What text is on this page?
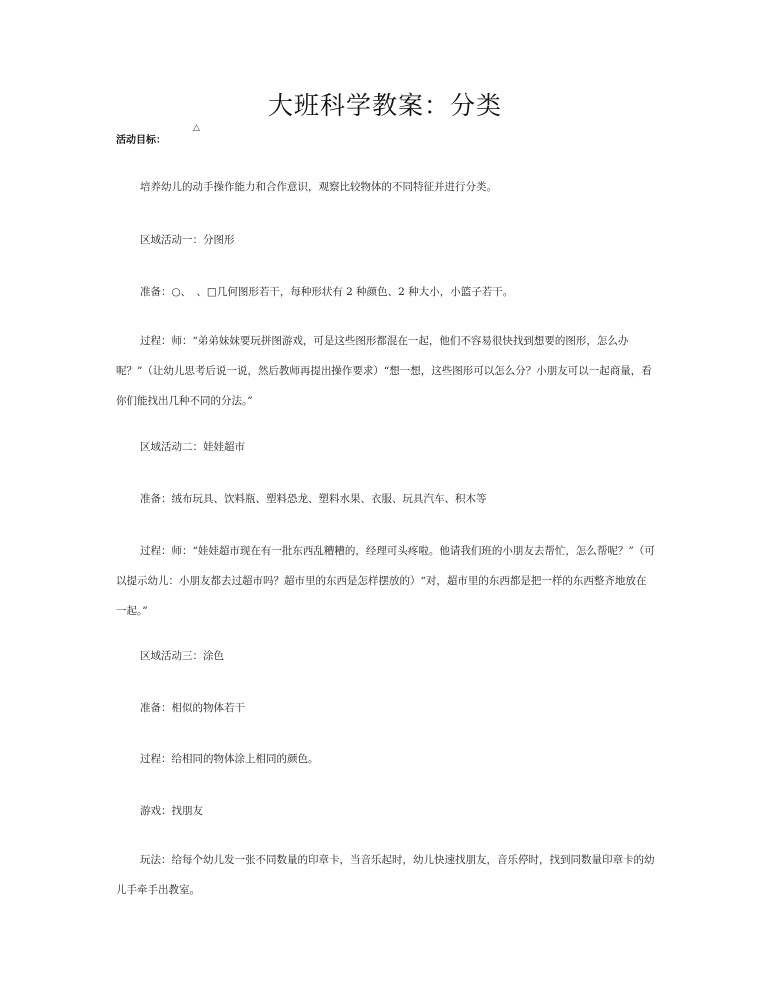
大班科学教案：分类
活动目标：
△

培养幼儿的动手操作能力和合作意识，观察比较物体的不同特征并进行分类。

区域活动一：分图形

准备：○、　、□几何图形若干，每种形状有 2 种颜色、2 种大小，小篮子若干。

过程：师：“弟弟妹妹要玩拼图游戏，可是这些图形都混在一起，他们不容易很快找到想要的图形，怎么办呢？”（让幼儿思考后说一说，然后教师再提出操作要求）“想一想，这些图形可以怎么分？小朋友可以一起商量，看你们能找出几种不同的分法。”

区域活动二：娃娃超市

准备：绒布玩具、饮料瓶、塑料恐龙、塑料水果、衣服、玩具汽车、积木等

过程：师：“娃娃超市现在有一批东西乱糟糟的，经理可头疼啦。他请我们班的小朋友去帮忙，怎么帮呢？”（可以提示幼儿：小朋友都去过超市吗？超市里的东西是怎样摆放的）“对，超市里的东西都是把一样的东西整齐地放在一起。”

区域活动三：涂色

准备：相似的物体若干

过程：给相同的物体涂上相同的颜色。

游戏：找朋友

玩法：给每个幼儿发一张不同数量的印章卡，当音乐起时，幼儿快速找朋友，音乐停时，找到同数量印章卡的幼儿手牵手出教室。
